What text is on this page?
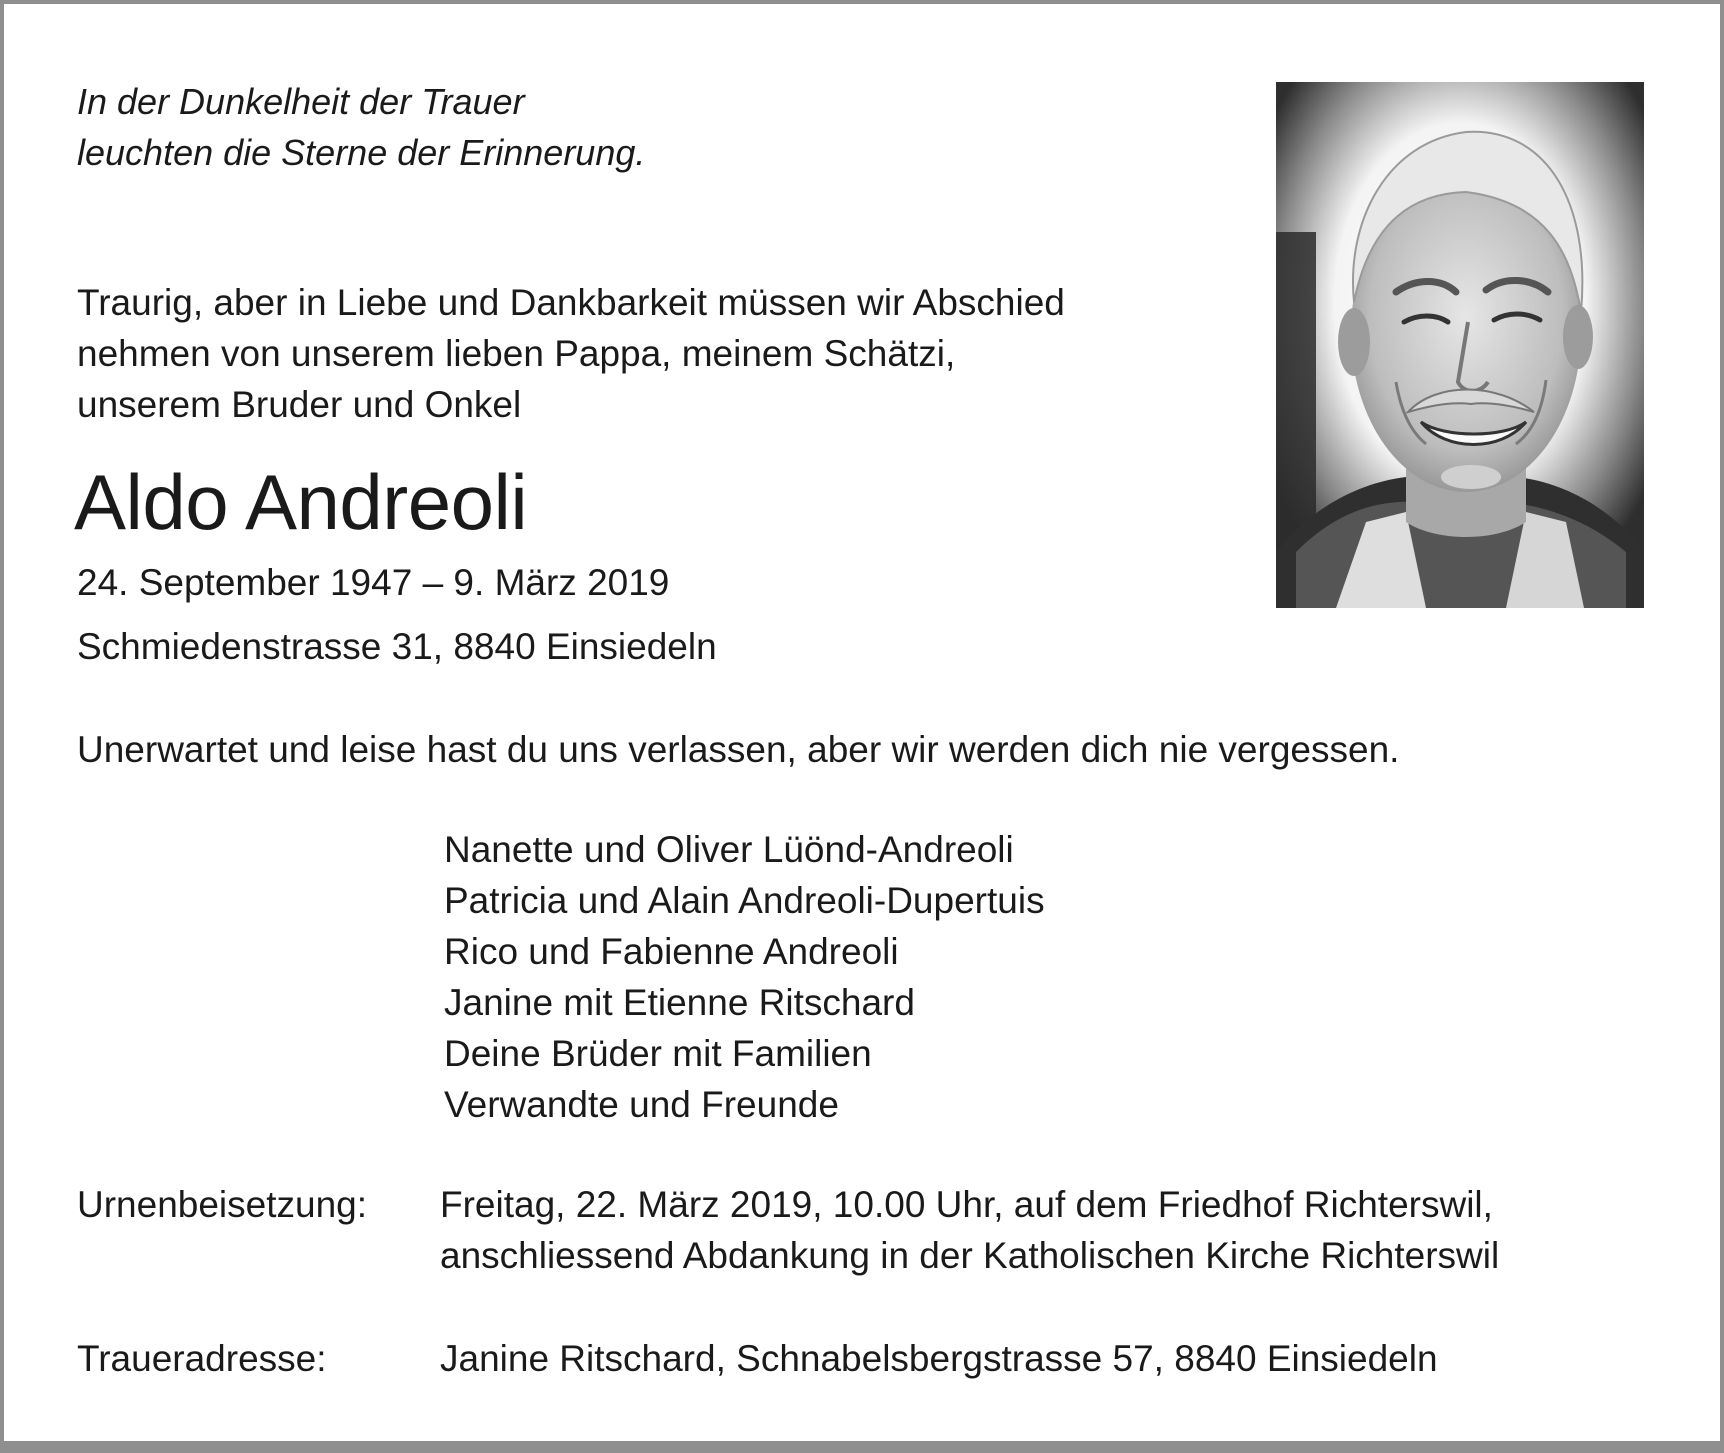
In der Dunkelheit der Trauer
leuchten die Sterne der Erinnerung.
Traurig, aber in Liebe und Dankbarkeit müssen wir Abschied
nehmen von unserem lieben Pappa, meinem Schätzi,
unserem Bruder und Onkel
Aldo Andreoli
24. September 1947 – 9. März 2019
Schmiedenstrasse 31, 8840 Einsiedeln
Unerwartet und leise hast du uns verlassen, aber wir werden dich nie vergessen.
Nanette und Oliver Lüönd-Andreoli
Patricia und Alain Andreoli-Dupertuis
Rico und Fabienne Andreoli
Janine mit Etienne Ritschard
Deine Brüder mit Familien
Verwandte und Freunde
Urnenbeisetzung: Freitag, 22. März 2019, 10.00 Uhr, auf dem Friedhof Richterswil,
anschliessend Abdankung in der Katholischen Kirche Richterswil
Traueradresse:	Janine Ritschard, Schnabelsbergstrasse 57, 8840 Einsiedeln
